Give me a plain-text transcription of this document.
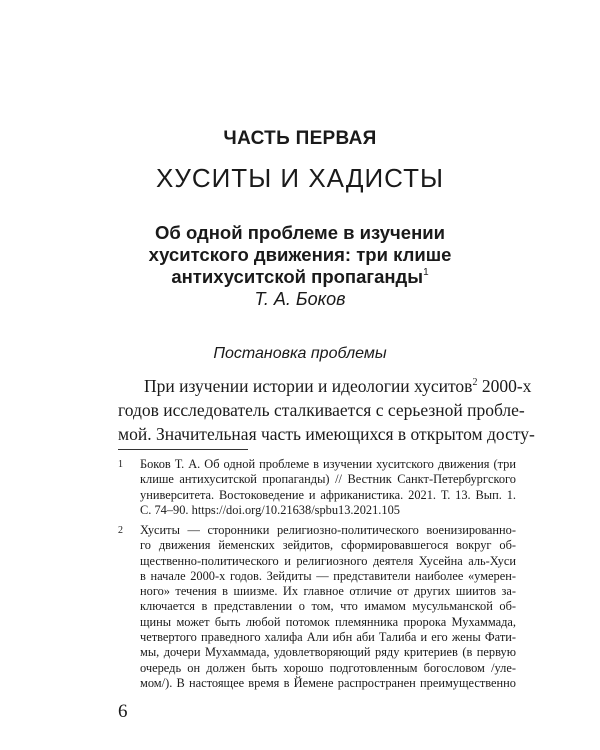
ЧАСТЬ ПЕРВАЯ
ХУСИТЫ И ХАДИСТЫ
Об одной проблеме в изучении
хуситского движения: три клише
антихуситской пропаганды$^1$
Т. А. Боков
Постановка проблемы
При изучении истории и идеологии хуситов$^2$ 2000-х
годов исследователь сталкивается с серьезной пробле-
мой. Значительная часть имеющихся в открытом досту-
1 Боков Т. А. Об одной проблеме в изучении хуситского движения (три
клише антихуситской пропаганды) // Вестник Санкт-Петербургского
университета. Востоковедение и африканистика. 2021. Т. 13. Вып. 1.
С. 74–90. https://doi.org/10.21638/spbu13.2021.105
2 Хуситы — сторонники религиозно-политического военизированно-
го движения йеменских зейдитов, сформировавшегося вокруг об-
щественно-политического и религиозного деятеля Хусейна аль-Хуси
в начале 2000-х годов. Зейдиты — представители наиболее «умерен-
ного» течения в шиизме. Их главное отличие от других шиитов за-
ключается в представлении о том, что имамом мусульманской об-
щины может быть любой потомок племянника пророка Мухаммада,
четвертого праведного халифа Али ибн аби Талиба и его жены Фати-
мы, дочери Мухаммада, удовлетворяющий ряду критериев (в первую
очередь он должен быть хорошо подготовленным богословом /уле-
мом/). В настоящее время в Йемене распространен преимущественно
6
